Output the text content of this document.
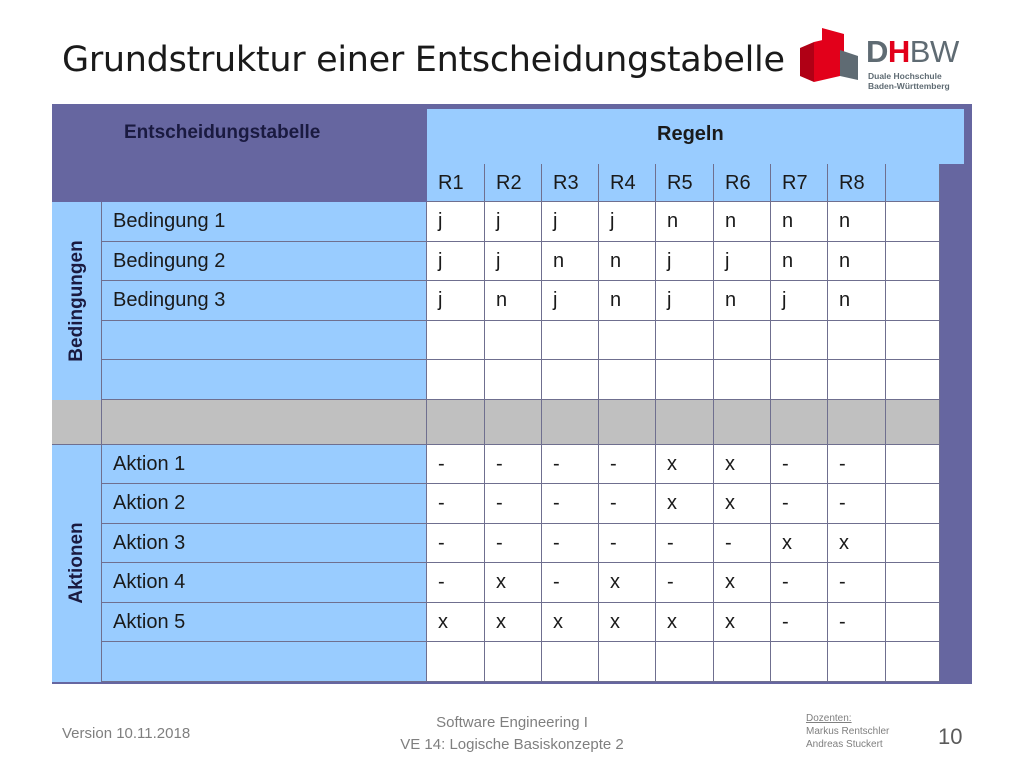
Grundstruktur einer Entscheidungstabelle	DHBW
Duale Hochschule
Baden-Württemberg
Entscheidungstabelle	Regeln
R1	R2	R3	R4	R5	R6	R7	R8
Bedingung 1	j	j	j	j	n	n	n	n
Bedingung 2	j	j	n	n	j	j	n	n
Bedingung 3	j	n	j	n	j	n	j	n
Bedingungen
Aktion 1	-	-	-	-	x	x	-	-
Aktion 2	-	-	-	-	x	x	-	-
Aktion 3	-	-	-	-	-	-	x	x
Aktion 4	-	x	-	x	-	x	-	-
Aktion 5	x	x	x	x	x	x	-	-
Aktionen
Version 10.11.2018
Software Engineering I
VE 14: Logische Basiskonzepte 2
Dozenten:
Markus Rentschler
Andreas Stuckert	10
